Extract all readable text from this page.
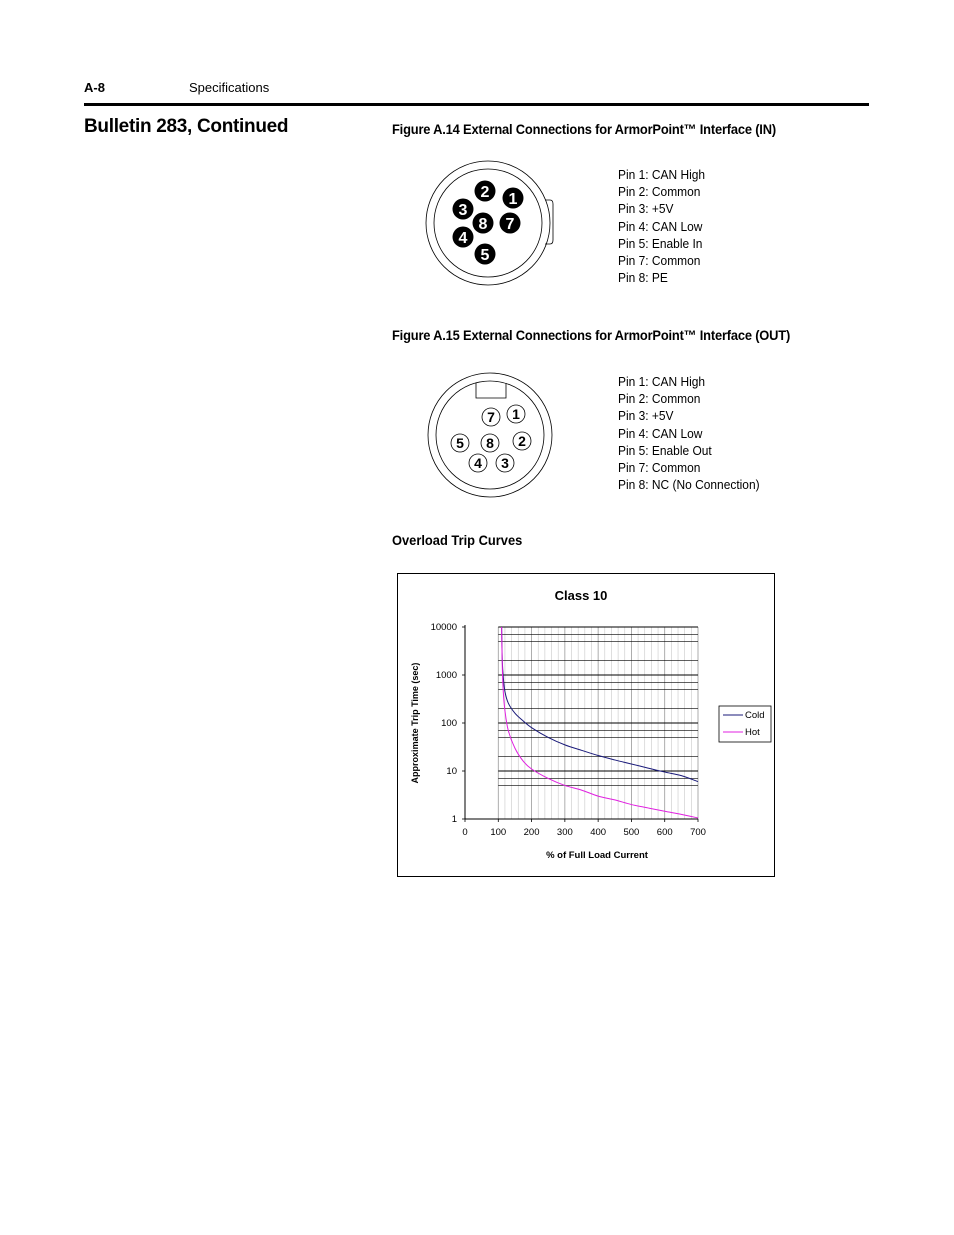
A-8	Specifications
Bulletin 283, Continued	Figure A.14 External Connections for ArmorPoint™ Interface (IN)
1
2
3
4
5
7
8
Pin 1: CAN High
Pin 2: Common
Pin 3: +5V
Pin 4: CAN Low
Pin 5: Enable In
Pin 7: Common
Pin 8: PE
Figure A.15 External Connections for ArmorPoint™ Interface (OUT)
1
2
3
4
5
7
8
Pin 1: CAN High
Pin 2: Common
Pin 3: +5V
Pin 4: CAN Low
Pin 5: Enable Out
Pin 7: Common
Pin 8: NC (No Connection)
Overload Trip Curves
Class 10
0 100 200 300 400 500 600 700
1
10
100
1000
10000
% of Full Load Current
Approximate Trip Time (sec)	Cold
Hot
